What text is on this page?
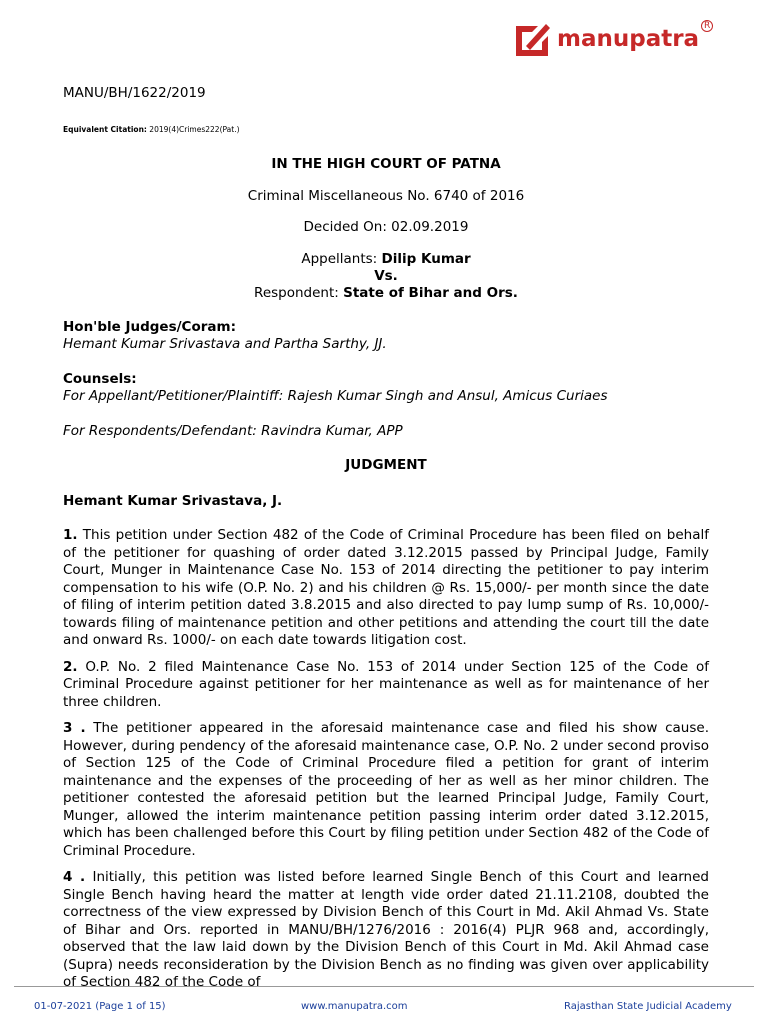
manupatra R
MANU/BH/1622/2019
Equivalent Citation: 2019(4)Crimes222(Pat.)
IN THE HIGH COURT OF PATNA
Criminal Miscellaneous No. 6740 of 2016
Decided On: 02.09.2019
Appellants: Dilip Kumar
Vs.
Respondent: State of Bihar and Ors.
Hon'ble Judges/Coram:
Hemant Kumar Srivastava and Partha Sarthy, JJ.
Counsels:
For Appellant/Petitioner/Plaintiff: Rajesh Kumar Singh and Ansul, Amicus Curiaes
For Respondents/Defendant: Ravindra Kumar, APP
JUDGMENT
Hemant Kumar Srivastava, J.

1. This petition under Section 482 of the Code of Criminal Procedure has been filed on behalf of the petitioner for quashing of order dated 3.12.2015 passed by Principal Judge, Family Court, Munger in Maintenance Case No. 153 of 2014 directing the petitioner to pay interim compensation to his wife (O.P. No. 2) and his children @ Rs. 15,000/- per month since the date of filing of interim petition dated 3.8.2015 and also directed to pay lump sump of Rs. 10,000/- towards filing of maintenance petition and other petitions and attending the court till the date and onward Rs. 1000/- on each date towards litigation cost.

2. O.P. No. 2 filed Maintenance Case No. 153 of 2014 under Section 125 of the Code of Criminal Procedure against petitioner for her maintenance as well as for maintenance of her three children.

3 . The petitioner appeared in the aforesaid maintenance case and filed his show cause. However, during pendency of the aforesaid maintenance case, O.P. No. 2 under second proviso of Section 125 of the Code of Criminal Procedure filed a petition for grant of interim maintenance and the expenses of the proceeding of her as well as her minor children. The petitioner contested the aforesaid petition but the learned Principal Judge, Family Court, Munger, allowed the interim maintenance petition passing interim order dated 3.12.2015, which has been challenged before this Court by filing petition under Section 482 of the Code of Criminal Procedure.

4 . Initially, this petition was listed before learned Single Bench of this Court and learned Single Bench having heard the matter at length vide order dated 21.11.2108, doubted the correctness of the view expressed by Division Bench of this Court in Md. Akil Ahmad Vs. State of Bihar and Ors. reported in MANU/BH/1276/2016 : 2016(4) PLJR 968 and, accordingly, observed that the law laid down by the Division Bench of this Court in Md. Akil Ahmad case (Supra) needs reconsideration by the Division Bench as no finding was given over applicability of Section 482 of the Code of

01-07-2021 (Page 1 of 15)	www.manupatra.com	Rajasthan State Judicial Academy
